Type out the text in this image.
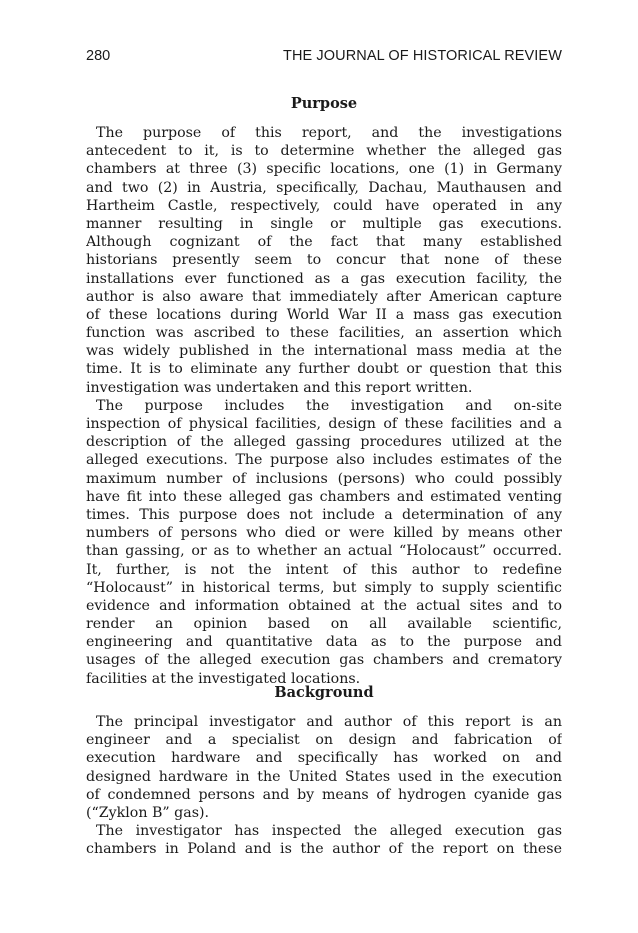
280	THE JOURNAL OF HISTORICAL REVIEW
Purpose
The purpose of this report, and the investigations
antecedent to it, is to determine whether the alleged gas
chambers at three (3) specific locations, one (1) in Germany
and two (2) in Austria, specifically, Dachau, Mauthausen and
Hartheim Castle, respectively, could have operated in any
manner resulting in single or multiple gas executions.
Although cognizant of the fact that many established
historians presently seem to concur that none of these
installations ever functioned as a gas execution facility, the
author is also aware that immediately after American capture
of these locations during World War II a mass gas execution
function was ascribed to these facilities, an assertion which
was widely published in the international mass media at the
time. It is to eliminate any further doubt or question that this
investigation was undertaken and this report written.
The purpose includes the investigation and on-site
inspection of physical facilities, design of these facilities and a
description of the alleged gassing procedures utilized at the
alleged executions. The purpose also includes estimates of the
maximum number of inclusions (persons) who could possibly
have fit into these alleged gas chambers and estimated venting
times. This purpose does not include a determination of any
numbers of persons who died or were killed by means other
than gassing, or as to whether an actual “Holocaust” occurred.
It, further, is not the intent of this author to redefine
“Holocaust” in historical terms, but simply to supply scientific
evidence and information obtained at the actual sites and to
render an opinion based on all available scientific,
engineering and quantitative data as to the purpose and
usages of the alleged execution gas chambers and crematory
facilities at the investigated locations.
Background
The principal investigator and author of this report is an
engineer and a specialist on design and fabrication of
execution hardware and specifically has worked on and
designed hardware in the United States used in the execution
of condemned persons and by means of hydrogen cyanide gas
(“Zyklon B” gas).
The investigator has inspected the alleged execution gas
chambers in Poland and is the author of the report on these
